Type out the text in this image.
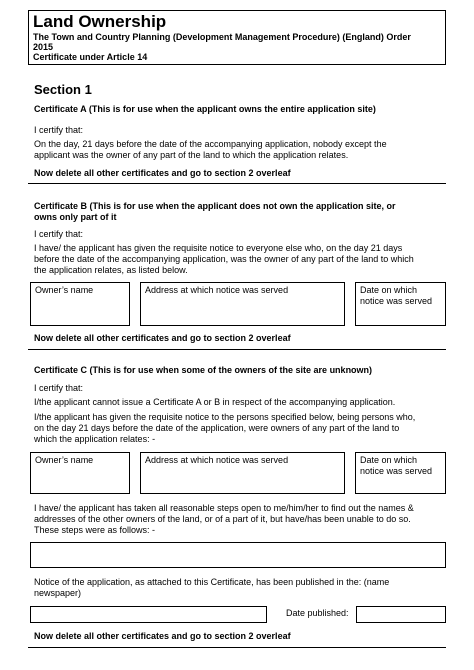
Land Ownership
The Town and Country Planning (Development Management Procedure) (England) Order
2015
Certificate under Article 14
Section 1
Certificate A (This is for use when the applicant owns the entire application site)
I certify that:
On the day, 21 days before the date of the accompanying application, nobody except the
applicant was the owner of any part of the land to which the application relates.
Now delete all other certificates and go to section 2 overleaf
Certificate B (This is for use when the applicant does not own the application site, or
owns only part of it
I certify that:
I have/ the applicant has given the requisite notice to everyone else who, on the day 21 days
before the date of the accompanying application, was the owner of any part of the land to which
the application relates, as listed below.
Owner’s name	Address at which notice was served	Date on which
notice was served
Now delete all other certificates and go to section 2 overleaf
Certificate C (This is for use when some of the owners of the site are unknown)
I certify that:
I/the applicant cannot issue a Certificate A or B in respect of the accompanying application.
I/the applicant has given the requisite notice to the persons specified below, being persons who,
on the day 21 days before the date of the application, were owners of any part of the land to
which the application relates: -
Owner’s name	Address at which notice was served	Date on which
notice was served
I have/ the applicant has taken all reasonable steps open to me/him/her to find out the names &
addresses of the other owners of the land, or of a part of it, but have/has been unable to do so.
These steps were as follows: -
Notice of the application, as attached to this Certificate, has been published in the: (name
newspaper)
Date published:
Now delete all other certificates and go to section 2 overleaf
